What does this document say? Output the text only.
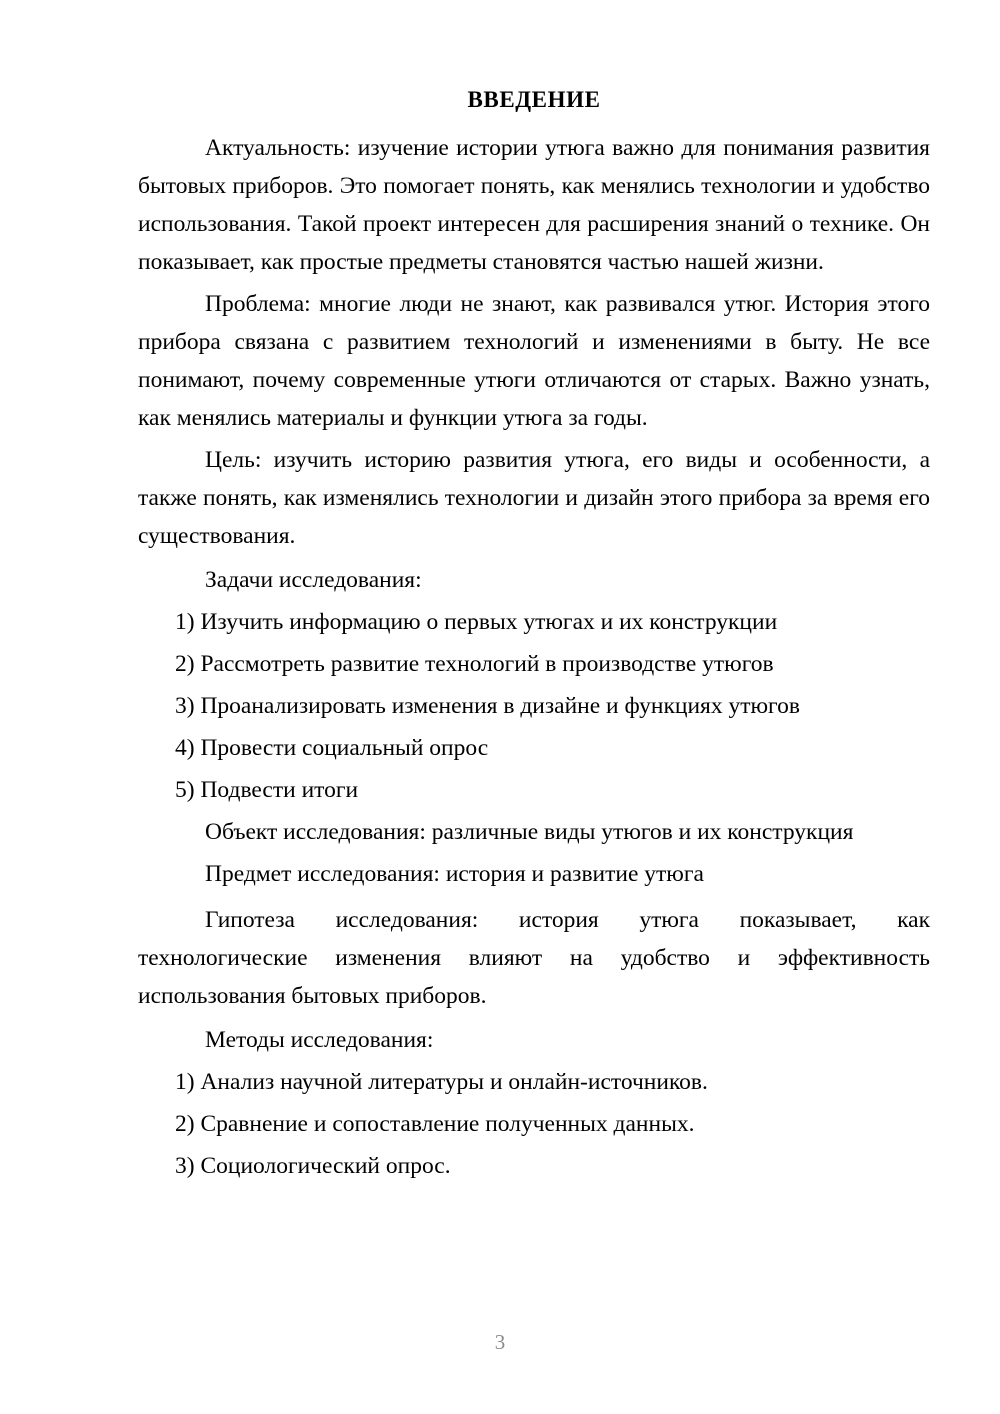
ВВЕДЕНИЕ

Актуальность: изучение истории утюга важно для понимания развития бытовых приборов. Это помогает понять, как менялись технологии и удобство использования. Такой проект интересен для расширения знаний о технике. Он показывает, как простые предметы становятся частью нашей жизни.

Проблема: многие люди не знают, как развивался утюг. История этого прибора связана с развитием технологий и изменениями в быту. Не все понимают, почему современные утюги отличаются от старых. Важно узнать, как менялись материалы и функции утюга за годы.

Цель: изучить историю развития утюга, его виды и особенности, а также понять, как изменялись технологии и дизайн этого прибора за время его существования.

Задачи исследования:

1) Изучить информацию о первых утюгах и их конструкции
2) Рассмотреть развитие технологий в производстве утюгов
3) Проанализировать изменения в дизайне и функциях утюгов
4) Провести социальный опрос
5) Подвести итоги

Объект исследования: различные виды утюгов и их конструкция

Предмет исследования: история и развитие утюга

Гипотеза исследования: история утюга показывает, как технологические изменения влияют на удобство и эффективность использования бытовых приборов.

Методы исследования:

1) Анализ научной литературы и онлайн-источников.
2) Сравнение и сопоставление полученных данных.
3) Социологический опрос.
3
